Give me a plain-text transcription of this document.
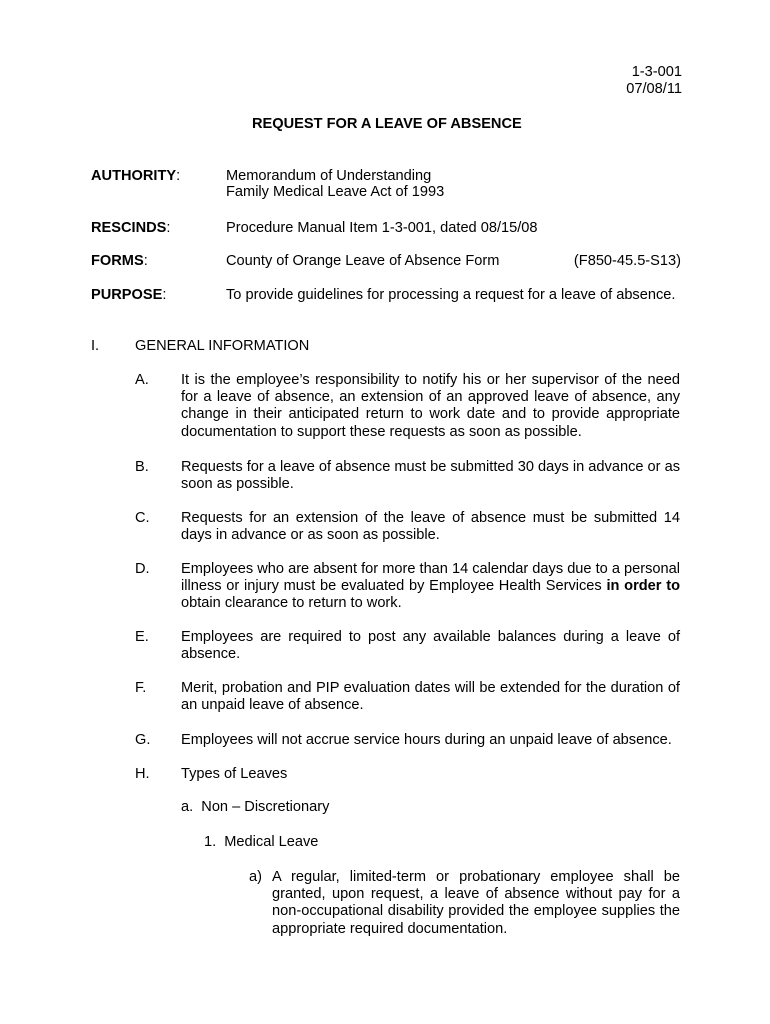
1-3-001
07/08/11
REQUEST FOR A LEAVE OF ABSENCE
AUTHORITY:	Memorandum of Understanding
Family Medical Leave Act of 1993
RESCINDS:	Procedure Manual Item 1-3-001, dated 08/15/08
FORMS:	County of Orange Leave of Absence Form	(F850-45.5-S13)
PURPOSE:	To provide guidelines for processing a request for a leave of absence.
I. GENERAL INFORMATION
A. It is the employee’s responsibility to notify his or her supervisor of the need for a leave of absence, an extension of an approved leave of absence, any change in their anticipated return to work date and to provide appropriate documentation to support these requests as soon as possible.
B. Requests for a leave of absence must be submitted 30 days in advance or as soon as possible.
C. Requests for an extension of the leave of absence must be submitted 14 days in advance or as soon as possible.
D. Employees who are absent for more than 14 calendar days due to a personal illness or injury must be evaluated by Employee Health Services in order to obtain clearance to return to work.
E. Employees are required to post any available balances during a leave of absence.
F. Merit, probation and PIP evaluation dates will be extended for the duration of an unpaid leave of absence.
G. Employees will not accrue service hours during an unpaid leave of absence.
H. Types of Leaves
a.  Non – Discretionary
1.  Medical Leave
a) A regular, limited-term or probationary employee shall be granted, upon request, a leave of absence without pay for a non-occupational disability provided the employee supplies the appropriate required documentation.
